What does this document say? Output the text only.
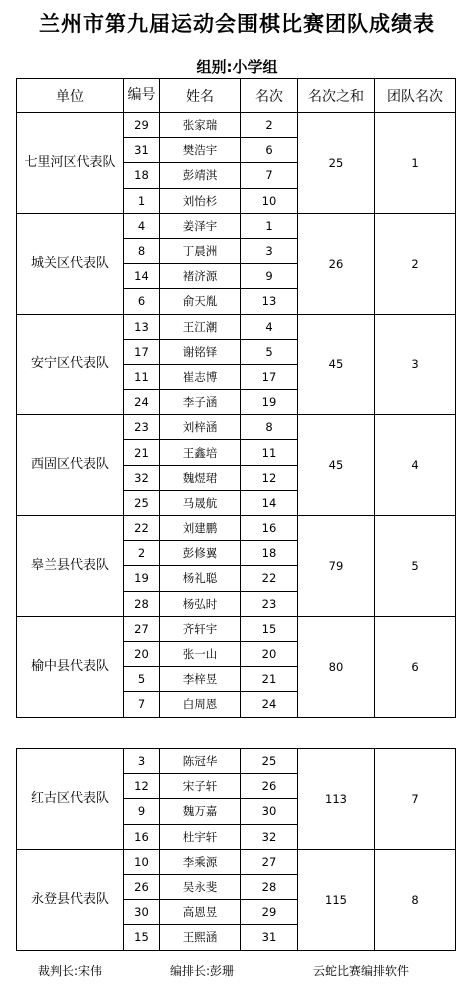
兰州市第九届运动会围棋比赛团队成绩表
组别:小学组
单位	编号	姓名	名次	名次之和	团队名次
七里河区代表队	29	张家瑞	2	25	1
	31	樊浩宇	6		
	18	彭靖淇	7		
	1	刘怡杉	10		
城关区代表队	4	姜泽宇	1	26	2
	8	丁晨洲	3		
	14	褚济源	9		
	6	俞天胤	13		
安宁区代表队	13	王江潮	4	45	3
	17	谢铭铎	5		
	11	崔志博	17		
	24	李子涵	19		
西固区代表队	23	刘梓涵	8	45	4
	21	王鑫培	11		
	32	魏煜珺	12		
	25	马晟航	14		
皋兰县代表队	22	刘建鹏	16	79	5
	2	彭修翼	18		
	19	杨礼聪	22		
	28	杨弘时	23		
榆中县代表队	27	齐轩宇	15	80	6
	20	张一山	20		
	5	李梓昱	21		
	7	白周恩	24		
红古区代表队	3	陈冠华	25	113	7
	12	宋子轩	26		
	9	魏万嘉	30		
	16	杜宇轩	32		
永登县代表队	10	李乘源	27	115	8
	26	吴永斐	28		
	30	高恩昱	29		
	15	王熙涵	31		
裁判长:宋伟	编排长:彭珊	云蛇比赛编排软件
